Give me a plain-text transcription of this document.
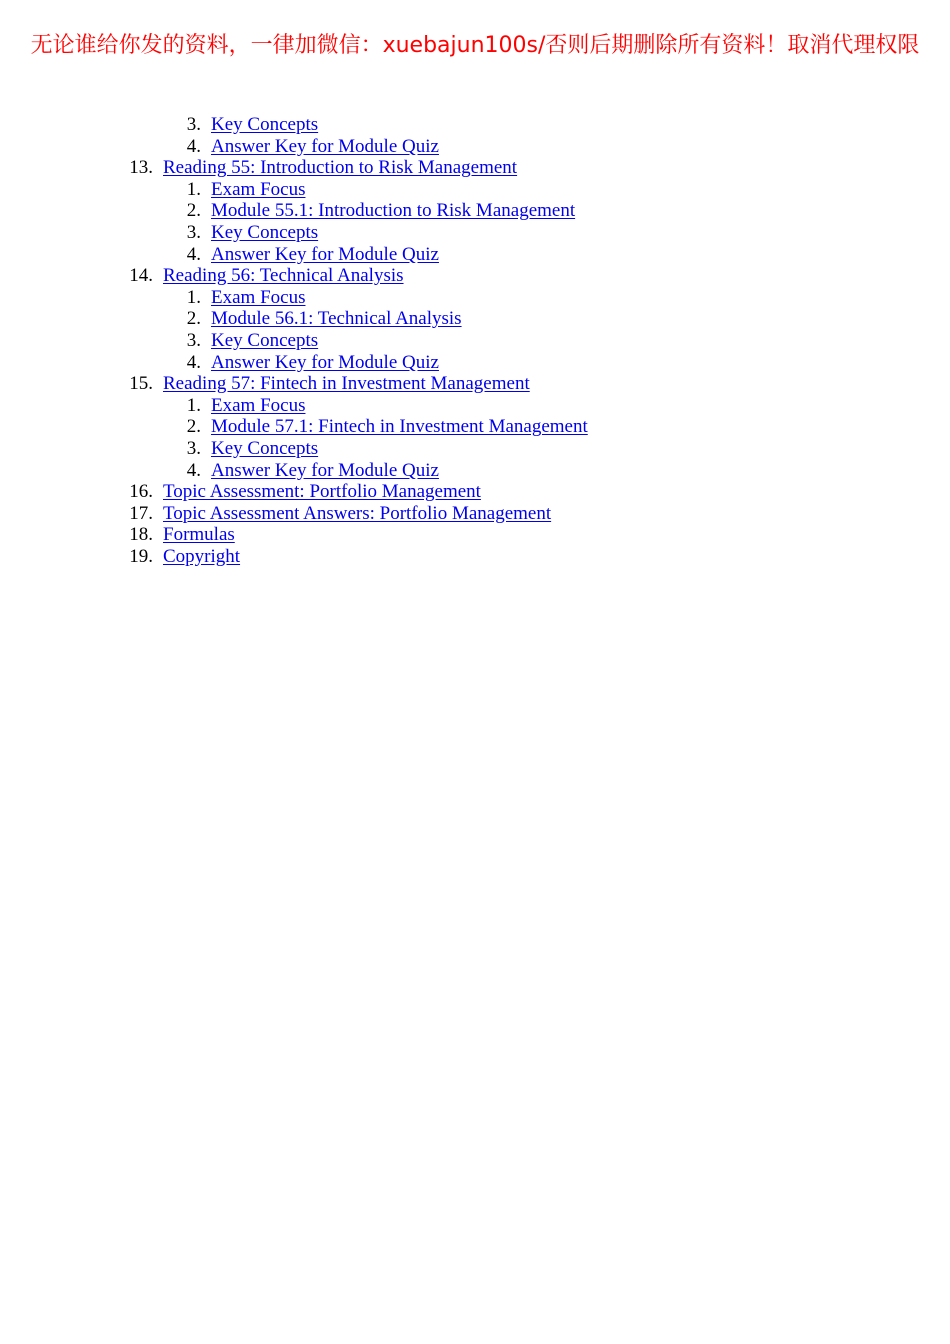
无论谁给你发的资料，一律加微信：xuebajun100s/否则后期删除所有资料！取消代理权限
3. Key Concepts
4. Answer Key for Module Quiz
13. Reading 55: Introduction to Risk Management
1. Exam Focus
2. Module 55.1: Introduction to Risk Management
3. Key Concepts
4. Answer Key for Module Quiz
14. Reading 56: Technical Analysis
1. Exam Focus
2. Module 56.1: Technical Analysis
3. Key Concepts
4. Answer Key for Module Quiz
15. Reading 57: Fintech in Investment Management
1. Exam Focus
2. Module 57.1: Fintech in Investment Management
3. Key Concepts
4. Answer Key for Module Quiz
16. Topic Assessment: Portfolio Management
17. Topic Assessment Answers: Portfolio Management
18. Formulas
19. Copyright
